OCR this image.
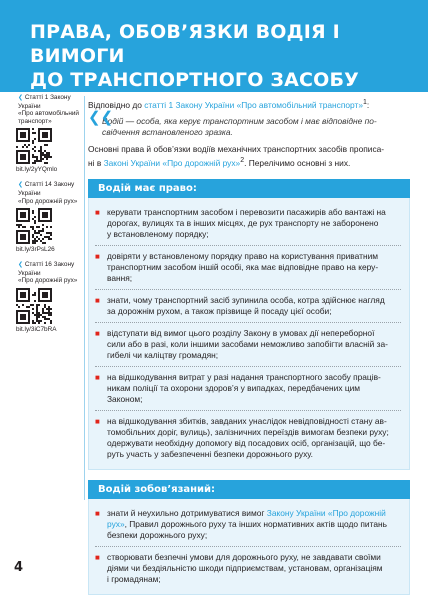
ПРАВА, ОБОВ’ЯЗКИ ВОДІЯ І ВИМОГИ
ДО ТРАНСПОРТНОГО ЗАСОБУ
❮ Статті 1 Закону України
«Про автомобільний
транспорт»
bit.ly/2yYQmlo
❮ Статті 14 Закону України
«Про дорожній рух»
bit.ly/3rPsL26
❮ Статті 16 Закону України
«Про дорожній рух»
bit.ly/3iC7bRA

Відповідно до статті 1 Закону України «Про автомобільний транспорт»$^1$:

❮❮

Водій — особа, яка керує транспортним засобом і має відповідне по-
свідчення встановленого зразка.

Основні права й обов’язки водіїв механічних транспортних засобів прописа-
ні в Законі України «Про дорожній рух»$^2$. Перелічимо основні з них.

Водій має право:
■ керувати транспортним засобом і перевозити пасажирів або вантажі на
дорогах, вулицях та в інших місцях, де рух транспорту не заборонено
у встановленому порядку;
■ довіряти у встановленому порядку право на користування приватним
транспортним засобом іншій особі, яка має відповідне право на керу-
вання;
■ знати, чому транспортний засіб зупинила особа, котра здійснює нагляд
за дорожнім рухом, а також прізвище й посаду цієї особи;
■ відступати від вимог цього розділу Закону в умовах дії непереборної
сили або в разі, коли іншими засобами неможливо запобігти власній за-
гибелі чи каліцтву громадян;
■ на відшкодування витрат у разі надання транспортного засобу праців-
никам поліції та охорони здоров’я у випадках, передбачених цим
Законом;
■ на відшкодування збитків, завданих унаслідок невідповідності стану ав-
томобільних доріг, вулиць), залізничних переїздів вимогам безпеки руху;
одержувати необхідну допомогу від посадових осіб, організацій, що бе-
руть участь у забезпеченні безпеки дорожнього руху.
Водій зобов’язаний:
■ знати й неухильно дотримуватися вимог Закону України «Про дорожній
рух», Правил дорожнього руху та інших нормативних актів щодо питань
безпеки дорожнього руху;
■ створювати безпечні умови для дорожнього руху, не завдавати своїми
діями чи бездіяльністю шкоди підприємствам, установам, організаціям
і громадянам;
4
